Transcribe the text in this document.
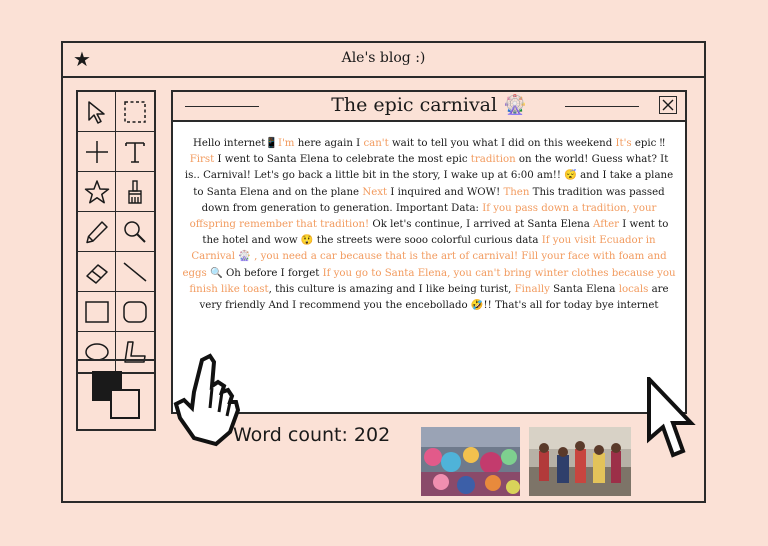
★	Ale's blog :)
The epic carnival 🎡
Hello internet📱I'm here again I can't wait to tell you what I did on this weekend It's epic ‼ First I went to Santa Elena to celebrate the most epic tradition on the world! Guess what? It is.. Carnival! Let's go back a little bit in the story, I wake up at 6:00 am!! 😴 and I take a plane to Santa Elena and on the plane Next I inquired and WOW! Then This tradition was passed down from generation to generation. Important Data: If you pass down a tradition, your offspring remember that tradition! Ok let's continue, I arrived at Santa Elena After I went to the hotel and wow 😲 the streets were sooo colorful curious data If you visit Ecuador in Carnival 🎡 , you need a car because that is the art of carnival! Fill your face with foam and eggs 🔍 Oh before I forget If you go to Santa Elena, you can't bring winter clothes because you finish like toast, this culture is amazing and I like being turist, Finally Santa Elena locals are very friendly And I recommend you the encebollado 🤣!! That's all for today bye internet
Word count: 202
